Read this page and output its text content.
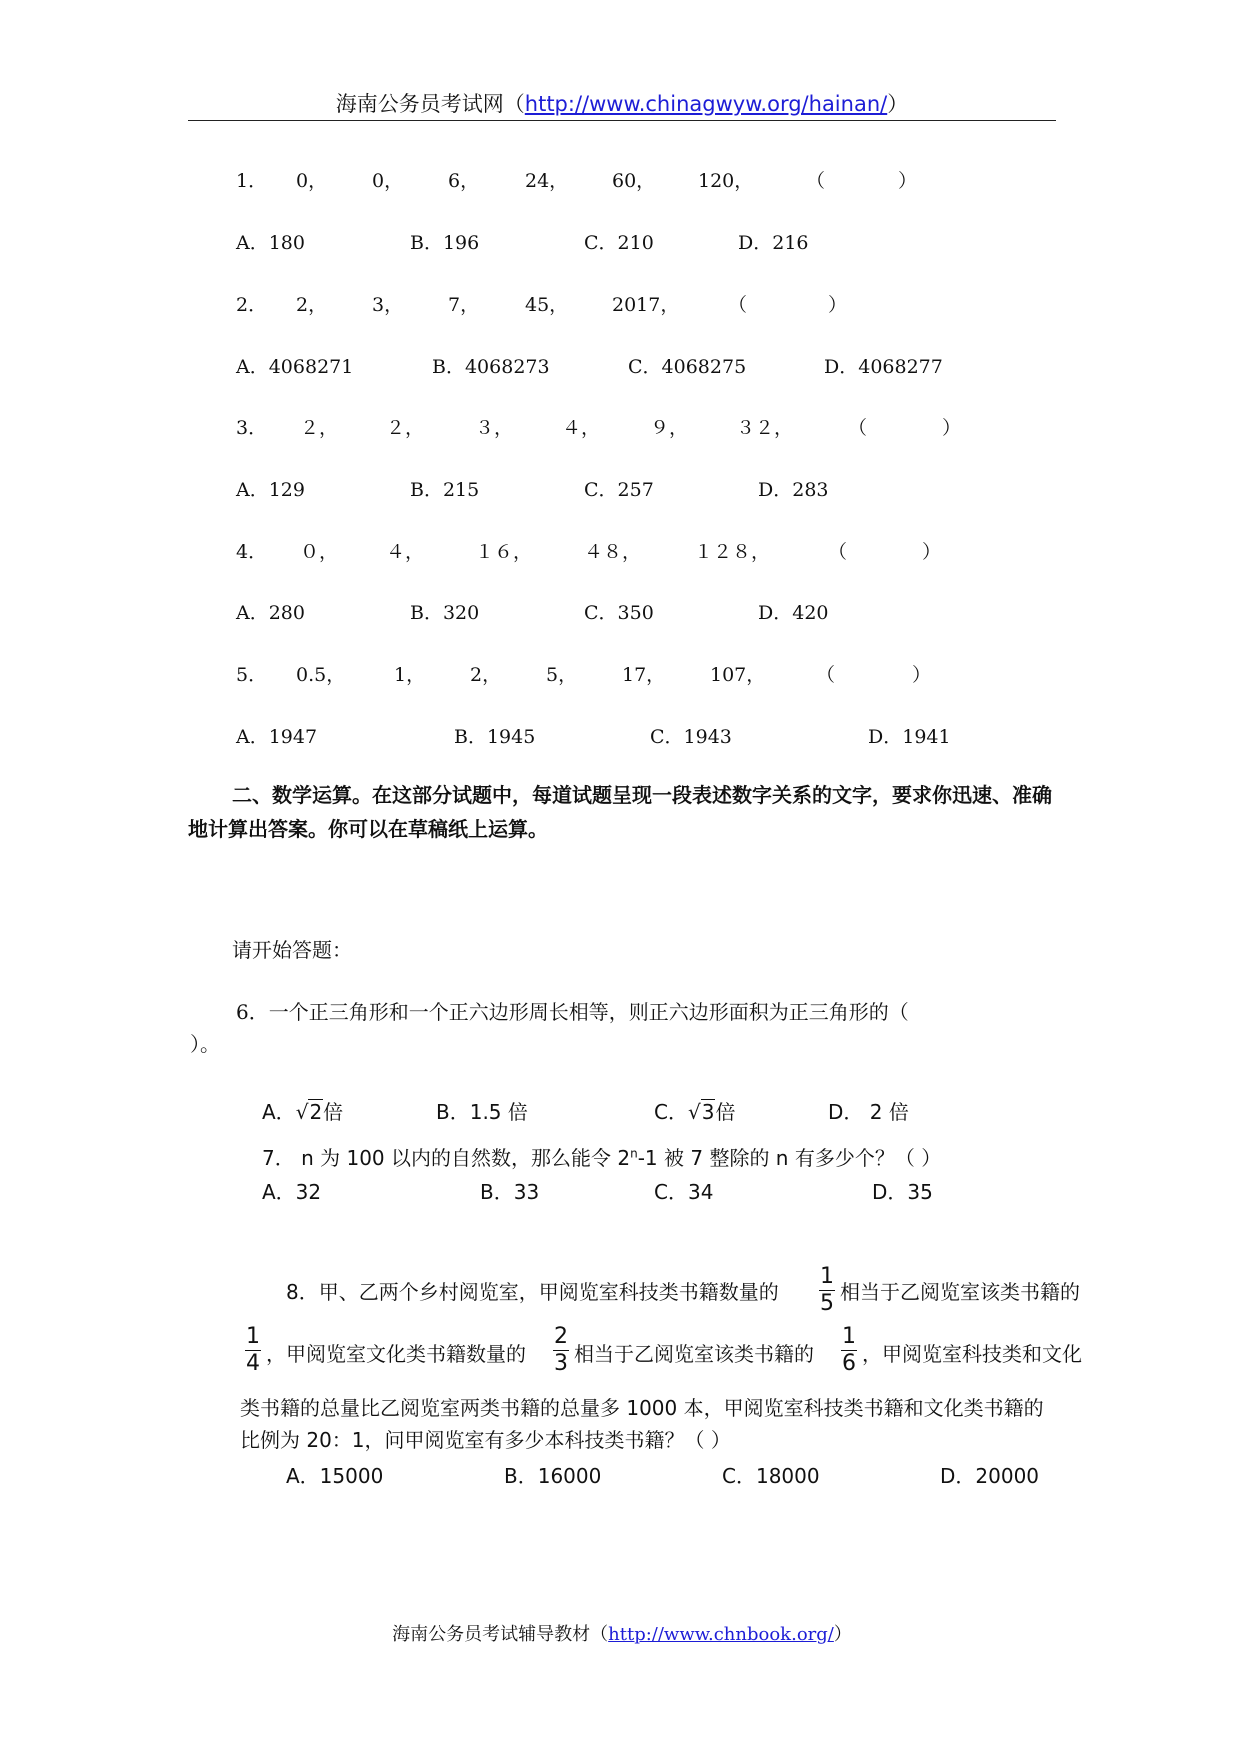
海南公务员考试网（http://www.chinagwyw.org/hainan/）
1． 0， 0， 6， 24， 60， 120，	（	）
A．180	B．196	C．210	D．216
2． 2， 3， 7， 45， 2017，	（	）
A．4068271	B．4068273	C．4068275	D．4068277
3． ２，	２，	３，	４，	９，	３２，	（	）
A．129	B．215	C．257	D．283
4． ０，	４，	１６，	４８，	１２８，	（	）
A．280	B．320	C．350	D．420
5． 0.5，	1， 2， 5， 17， 107，	（	）
A．1947	B．1945	C．1943	D．1941
二、数学运算。在这部分试题中，每道试题呈现一段表述数字关系的文字，要求你迅速、准确地计算出答案。你可以在草稿纸上运算。
请开始答题：
6．一个正三角形和一个正六边形周长相等，则正六边形面积为正三角形的（
）。
A．√2倍	B．1.5 倍	C．√3倍	D． 2 倍
7． n 为 100 以内的自然数，那么能令 2$^n$-1 被 7 整除的 n 有多少个？（ ）
A．32	B．33	C．34	D．35
8．甲、乙两个乡村阅览室，甲阅览室科技类书籍数量的
1
5 相当于乙阅览室该类书籍的
1
4 ，甲阅览室文化类书籍数量的
2
3 相当于乙阅览室该类书籍的
1
6 ，甲阅览室科技类和文化
类书籍的总量比乙阅览室两类书籍的总量多 1000 本，甲阅览室科技类书籍和文化类书籍的
比例为 20：1，问甲阅览室有多少本科技类书籍？（ ）
A．15000	B．16000	C．18000	D．20000
海南公务员考试辅导教材（http://www.chnbook.org/）
